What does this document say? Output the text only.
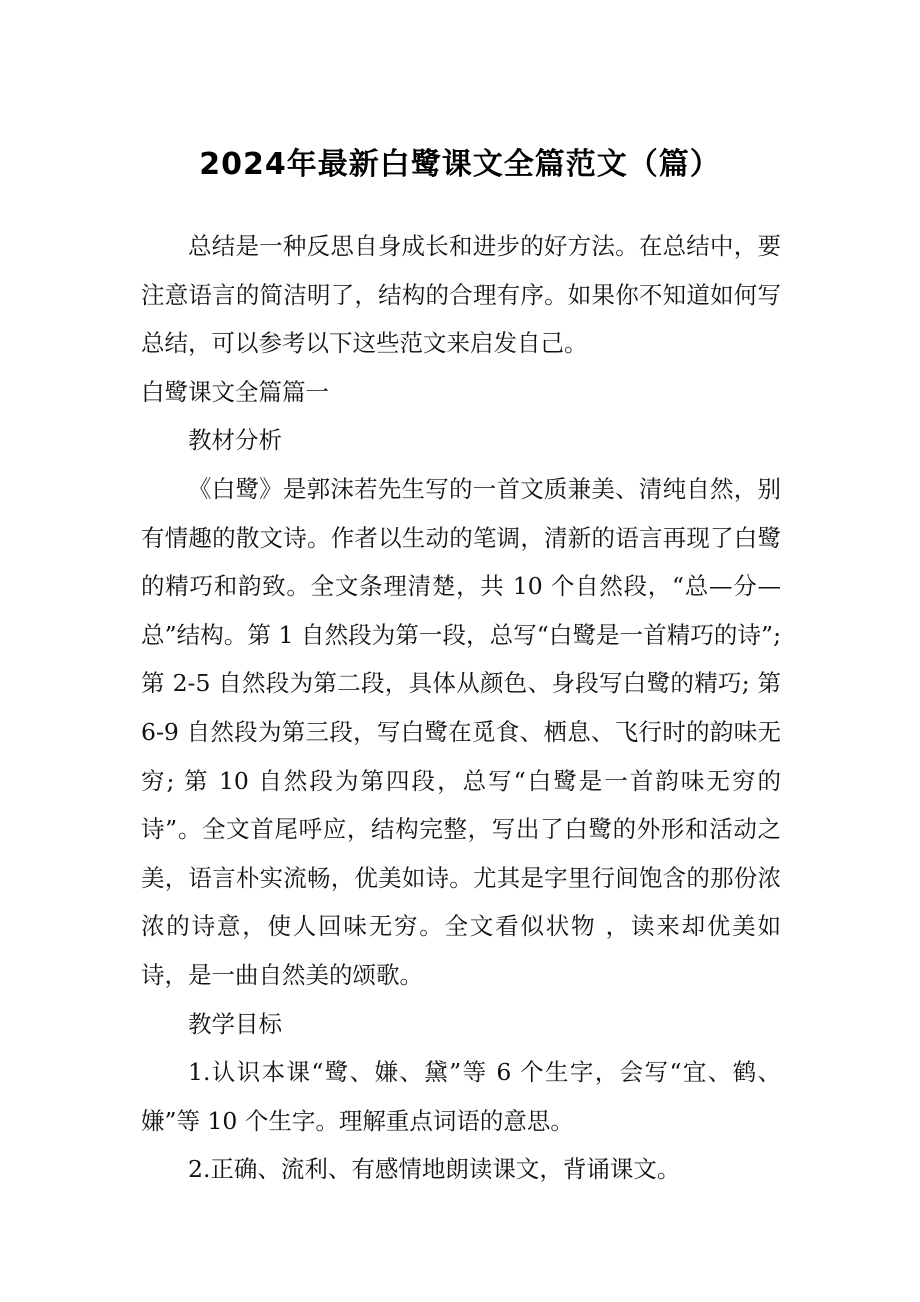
2024年最新白鹭课文全篇范文（篇）

总结是一种反思自身成长和进步的好方法。在总结中，要注意语言的简洁明了，结构的合理有序。如果你不知道如何写总结，可以参考以下这些范文来启发自己。

白鹭课文全篇篇一

教材分析

《白鹭》是郭沫若先生写的一首文质兼美、清纯自然，别有情趣的散文诗。作者以生动的笔调，清新的语言再现了白鹭的精巧和韵致。全文条理清楚，共 10 个自然段，“总—分—总”结构。第 1 自然段为第一段，总写“白鹭是一首精巧的诗”; 第 2-5 自然段为第二段，具体从颜色、身段写白鹭的精巧; 第 6-9 自然段为第三段，写白鹭在觅食、栖息、飞行时的韵味无穷; 第 10 自然段为第四段，总写“白鹭是一首韵味无穷的诗”。全文首尾呼应，结构完整，写出了白鹭的外形和活动之美，语言朴实流畅，优美如诗。尤其是字里行间饱含的那份浓浓的诗意，使人回味无穷。全文看似状物 ，读来却优美如诗，是一曲自然美的颂歌。

教学目标

1.认识本课“鹭、嫌、黛”等 6 个生字，会写“宜、鹤、嫌”等 10 个生字。理解重点词语的意思。

2.正确、流利、有感情地朗读课文，背诵课文。
